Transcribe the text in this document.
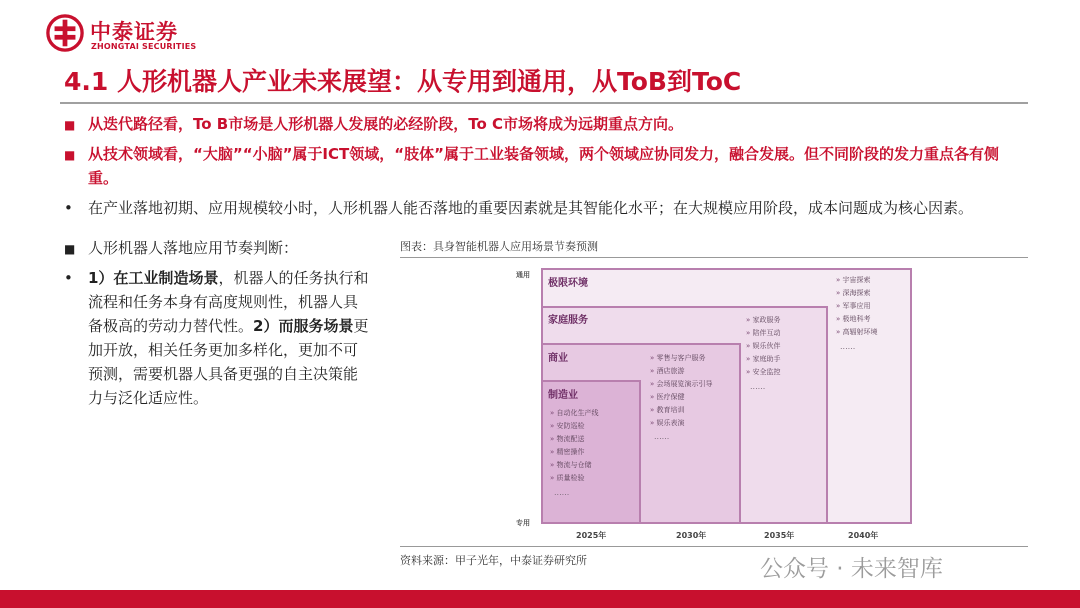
中泰证券
ZHONGTAI SECURITIES
4.1 人形机器人产业未来展望：从专用到通用，从ToB到ToC
■ 从迭代路径看，To B市场是人形机器人发展的必经阶段，To C市场将成为远期重点方向。
■ 从技术领域看，“大脑”“小脑”属于ICT领域，“肢体”属于工业装备领域，两个领域应协同发力，融合发展。但不同阶段的发力重点各有侧重。
• 在产业落地初期、应用规模较小时，人形机器人能否落地的重要因素就是其智能化水平；在大规模应用阶段，成本问题成为核心因素。
■ 人形机器人落地应用节奏判断：
• 1）在工业制造场景，机器人的任务执行和流程和任务本身有高度规则性，机器人具备极高的劳动力替代性。2）而服务场景更加开放，相关任务更加多样化，更加不可预测，需要机器人具备更强的自主决策能力与泛化适应性。
图表：具身智能机器人应用场景节奏预测
通用
专用
极限环境
家庭服务
商业
制造业
» 宇宙探索
» 深海探索
» 军事应用
» 极地科考
» 高辐射环境
......
» 家政服务
» 陪伴互动
» 娱乐伙伴
» 家庭助手
» 安全监控
......
» 零售与客户服务
» 酒店旅游
» 会场展览演示引导
» 医疗保健
» 教育培训
» 娱乐表演
......
» 自动化生产线
» 安防巡检
» 物流配送
» 精密操作
» 物流与仓储
» 质量检验
......
2025年	2030年	2035年	2040年
资料来源：甲子光年，中泰证券研究所	公众号 · 未来智库
